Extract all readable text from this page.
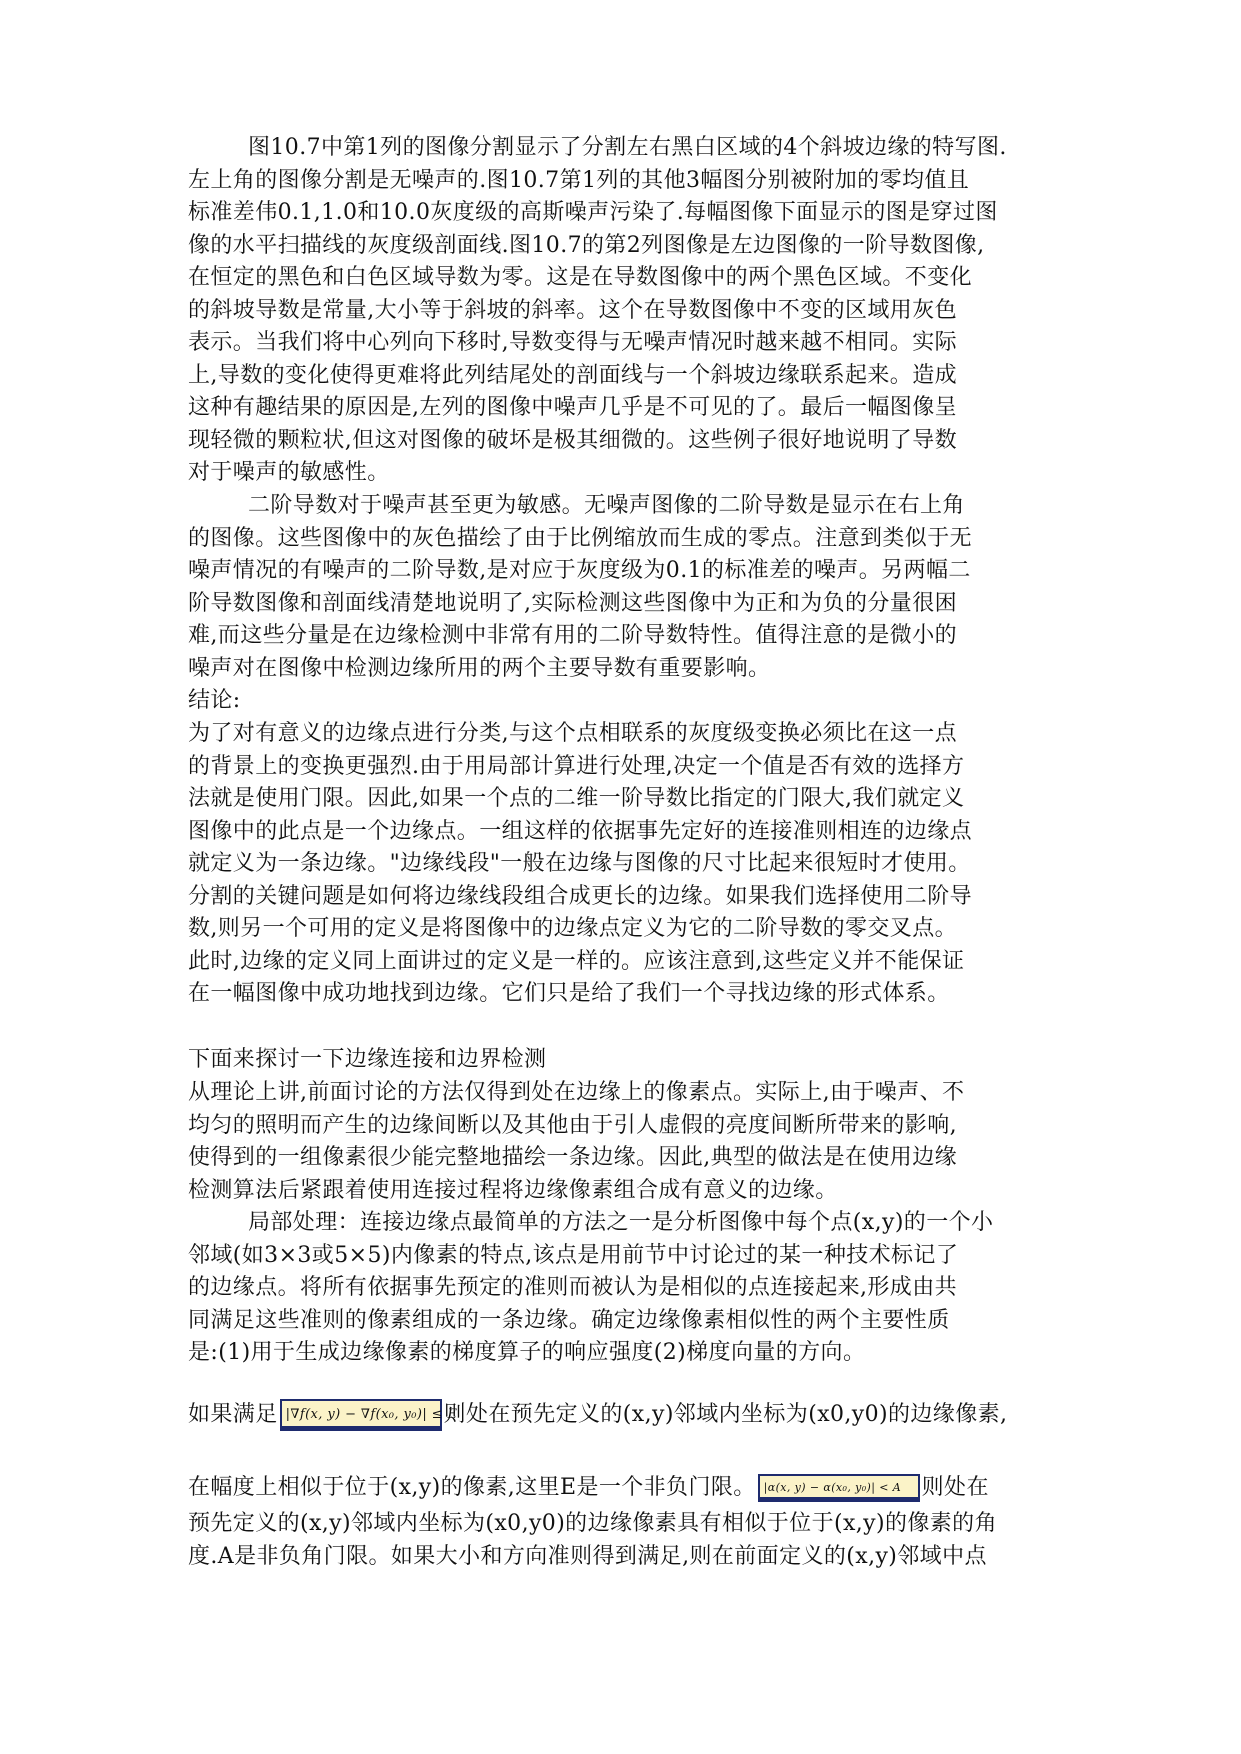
图10.7中第1列的图像分割显示了分割左右黑白区域的4个斜坡边缘的特写图.
左上角的图像分割是无噪声的.图10.7第1列的其他3幅图分别被附加的零均值且
标准差伟0.1,1.0和10.0灰度级的高斯噪声污染了.每幅图像下面显示的图是穿过图
像的水平扫描线的灰度级剖面线.图10.7的第2列图像是左边图像的一阶导数图像,
在恒定的黑色和白色区域导数为零。这是在导数图像中的两个黑色区域。不变化
的斜坡导数是常量,大小等于斜坡的斜率。这个在导数图像中不变的区域用灰色
表示。当我们将中心列向下移时,导数变得与无噪声情况时越来越不相同。实际
上,导数的变化使得更难将此列结尾处的剖面线与一个斜坡边缘联系起来。造成
这种有趣结果的原因是,左列的图像中噪声几乎是不可见的了。最后一幅图像呈
现轻微的颗粒状,但这对图像的破坏是极其细微的。这些例子很好地说明了导数
对于噪声的敏感性。
二阶导数对于噪声甚至更为敏感。无噪声图像的二阶导数是显示在右上角
的图像。这些图像中的灰色描绘了由于比例缩放而生成的零点。注意到类似于无
噪声情况的有噪声的二阶导数,是对应于灰度级为0.1的标准差的噪声。另两幅二
阶导数图像和剖面线清楚地说明了,实际检测这些图像中为正和为负的分量很困
难,而这些分量是在边缘检测中非常有用的二阶导数特性。值得注意的是微小的
噪声对在图像中检测边缘所用的两个主要导数有重要影响。
结论:
为了对有意义的边缘点进行分类,与这个点相联系的灰度级变换必须比在这一点
的背景上的变换更强烈.由于用局部计算进行处理,决定一个值是否有效的选择方
法就是使用门限。因此,如果一个点的二维一阶导数比指定的门限大,我们就定义
图像中的此点是一个边缘点。一组这样的依据事先定好的连接准则相连的边缘点
就定义为一条边缘。"边缘线段"一般在边缘与图像的尺寸比起来很短时才使用。
分割的关键问题是如何将边缘线段组合成更长的边缘。如果我们选择使用二阶导
数,则另一个可用的定义是将图像中的边缘点定义为它的二阶导数的零交叉点。
此时,边缘的定义同上面讲过的定义是一样的。应该注意到,这些定义并不能保证
在一幅图像中成功地找到边缘。它们只是给了我们一个寻找边缘的形式体系。
下面来探讨一下边缘连接和边界检测
从理论上讲,前面讨论的方法仅得到处在边缘上的像素点。实际上,由于噪声、不
均匀的照明而产生的边缘间断以及其他由于引人虚假的亮度间断所带来的影响,
使得到的一组像素很少能完整地描绘一条边缘。因此,典型的做法是在使用边缘
检测算法后紧跟着使用连接过程将边缘像素组合成有意义的边缘。
局部处理：连接边缘点最简单的方法之一是分析图像中每个点(x,y)的一个小
邻域(如3×3或5×5)内像素的特点,该点是用前节中讨论过的某一种技术标记了
的边缘点。将所有依据事先预定的准则而被认为是相似的点连接起来,形成由共
同满足这些准则的像素组成的一条边缘。确定边缘像素相似性的两个主要性质
是:(1)用于生成边缘像素的梯度算子的响应强度(2)梯度向量的方向。
如果满足 |∇f(x, y) − ∇f(x₀, y₀)| ≤ E则处在预先定义的(x,y)邻域内坐标为(x0,y0)的边缘像素,
在幅度上相似于位于(x,y)的像素,这里E是一个非负门限。 |α(x, y) − α(x₀, y₀)| < A 则处在
预先定义的(x,y)邻域内坐标为(x0,y0)的边缘像素具有相似于位于(x,y)的像素的角
度.A是非负角门限。如果大小和方向准则得到满足,则在前面定义的(x,y)邻域中点
